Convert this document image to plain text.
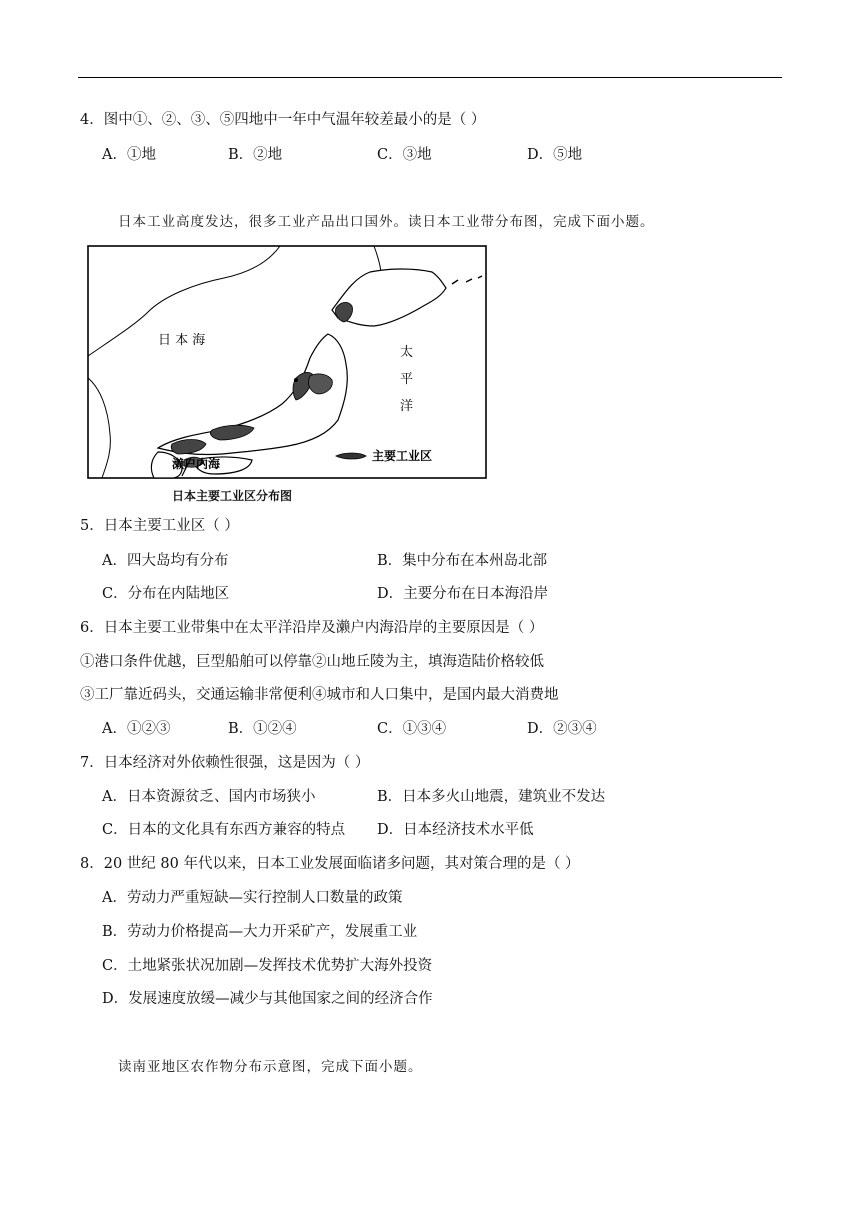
4．图中①、②、③、⑤四地中一年中气温年较差最小的是（ ）
A．①地	B．②地	C．③地	D．⑤地
日本工业高度发达，很多工业产品出口国外。读日本工业带分布图，完成下面小题。
日 本 海
太
平
洋
濑户内海
主要工业区
日本主要工业区分布图
5．日本主要工业区（ ）
A．四大岛均有分布	B．集中分布在本州岛北部
C．分布在内陆地区	D．主要分布在日本海沿岸
6．日本主要工业带集中在太平洋沿岸及濑户内海沿岸的主要原因是（ ）
①港口条件优越，巨型船舶可以停靠②山地丘陵为主，填海造陆价格较低
③工厂靠近码头，交通运输非常便利④城市和人口集中，是国内最大消费地
A．①②③	B．①②④	C．①③④	D．②③④
7．日本经济对外依赖性很强，这是因为（ ）
A．日本资源贫乏、国内市场狭小	B．日本多火山地震，建筑业不发达
C．日本的文化具有东西方兼容的特点 D．日本经济技术水平低
8．20 世纪 80 年代以来，日本工业发展面临诸多问题，其对策合理的是（ ）
A．劳动力严重短缺—实行控制人口数量的政策
B．劳动力价格提高—大力开采矿产，发展重工业
C．土地紧张状况加剧—发挥技术优势扩大海外投资
D．发展速度放缓—减少与其他国家之间的经济合作
读南亚地区农作物分布示意图，完成下面小题。
